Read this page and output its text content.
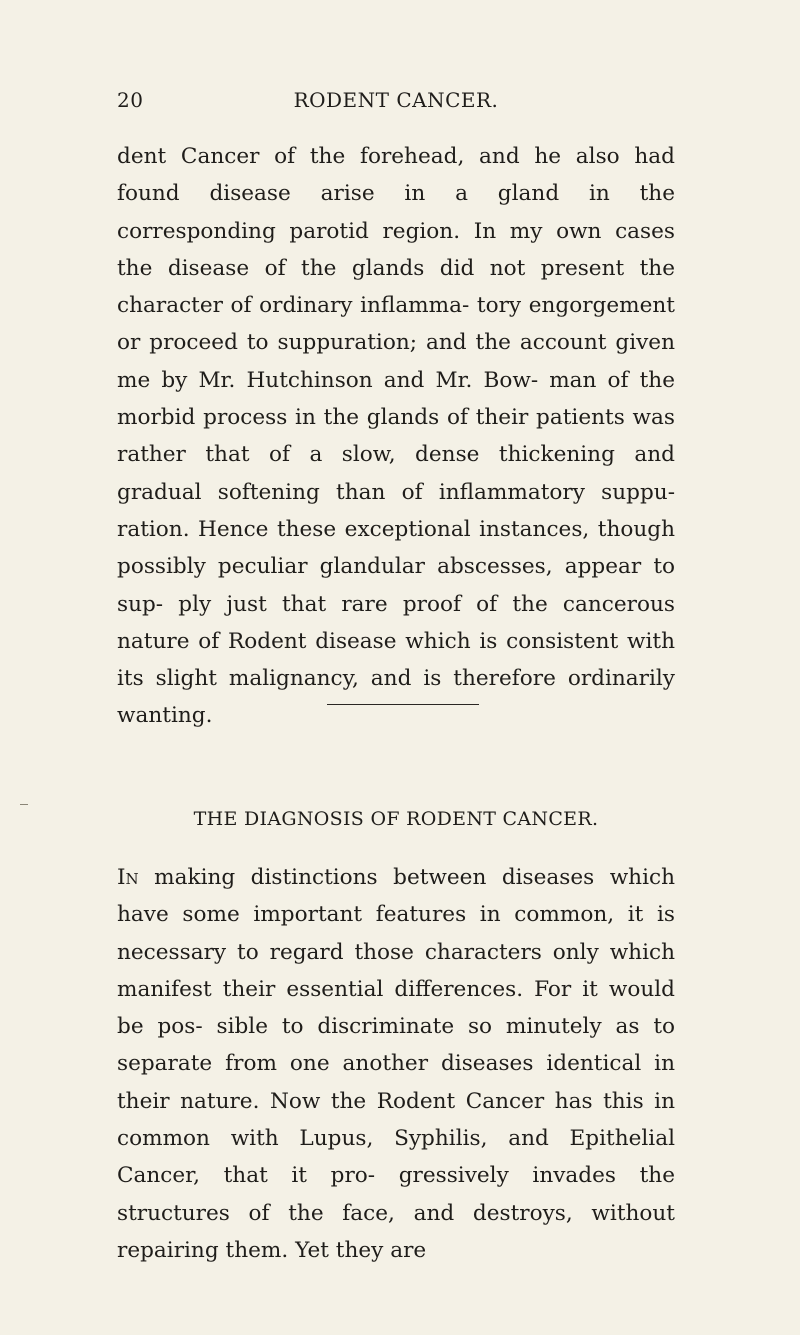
20	RODENT CANCER.

dent Cancer of the forehead, and he also had found disease arise in a gland in the corresponding parotid region. In my own cases the disease of the glands did not present the character of ordinary inflamma- tory engorgement or proceed to suppuration; and the account given me by Mr. Hutchinson and Mr. Bow- man of the morbid process in the glands of their patients was rather that of a slow, dense thickening and gradual softening than of inflammatory suppu- ration. Hence these exceptional instances, though possibly peculiar glandular abscesses, appear to sup- ply just that rare proof of the cancerous nature of Rodent disease which is consistent with its slight malignancy, and is therefore ordinarily wanting.

THE DIAGNOSIS OF RODENT CANCER.

In making distinctions between diseases which have some important features in common, it is necessary to regard those characters only which manifest their essential differences. For it would be pos- sible to discriminate so minutely as to separate from one another diseases identical in their nature. Now the Rodent Cancer has this in common with Lupus, Syphilis, and Epithelial Cancer, that it pro- gressively invades the structures of the face, and destroys, without repairing them. Yet they are
